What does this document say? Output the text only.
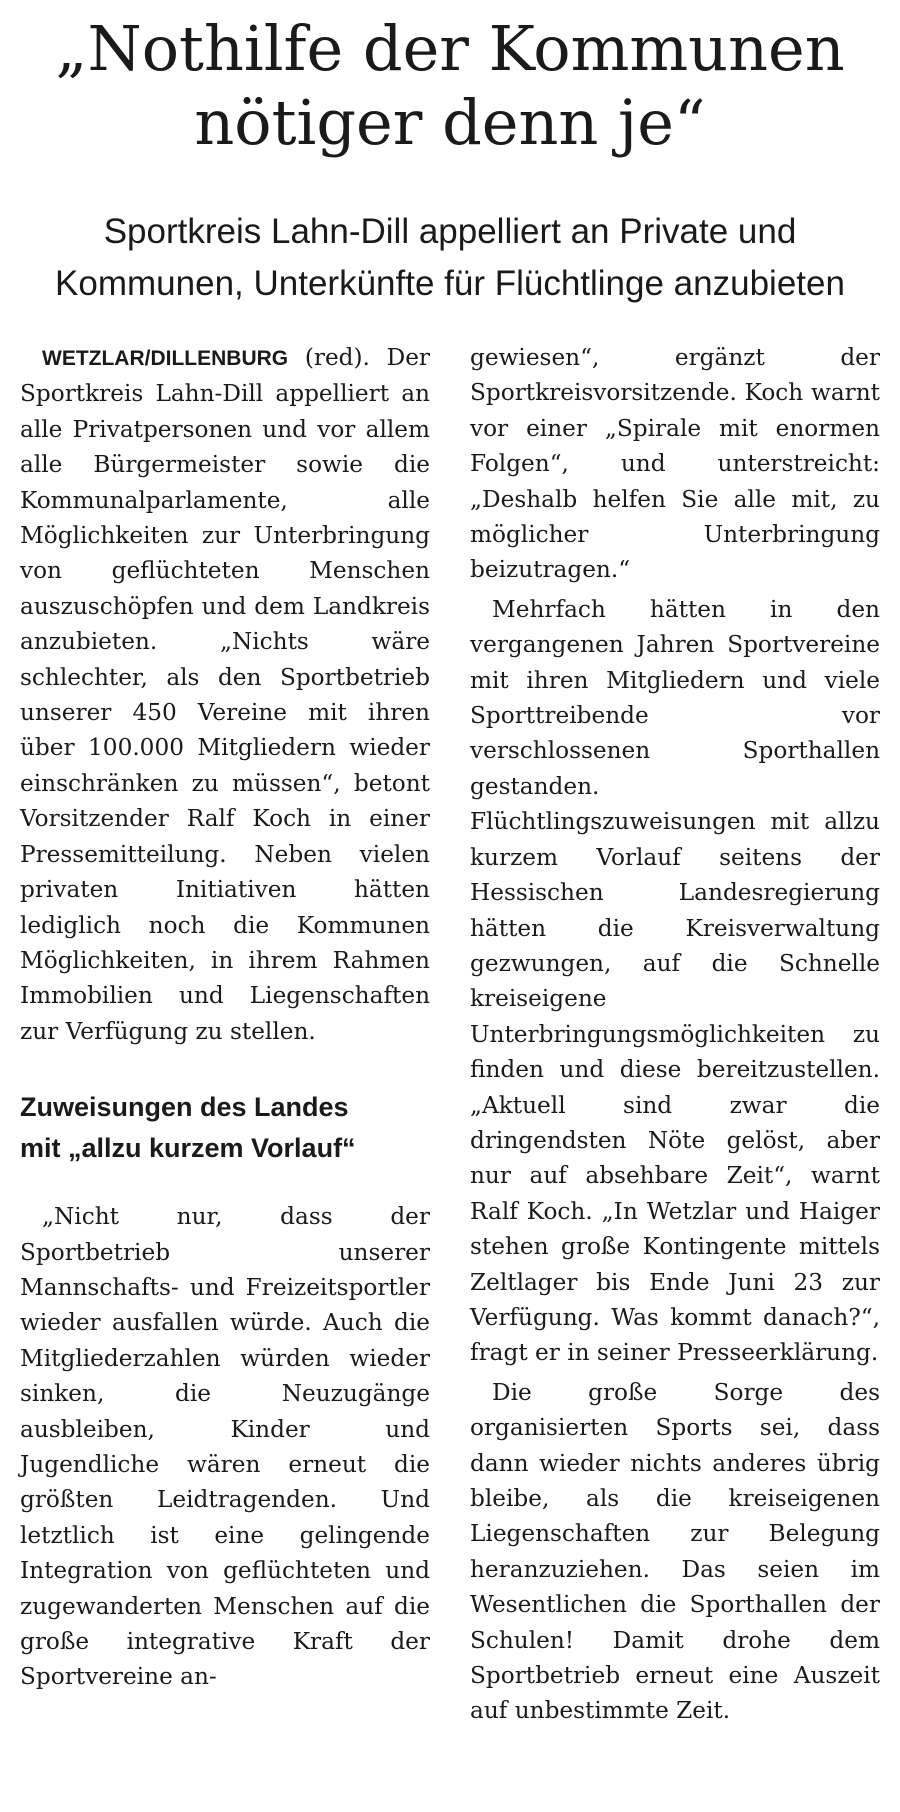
„Nothilfe der Kommunen
nötiger denn je“
Sportkreis Lahn-Dill appelliert an Private und
Kommunen, Unterkünfte für Flüchtlinge anzubieten

WETZLAR/DILLENBURG (red). Der Sportkreis Lahn-Dill appelliert an alle Privatpersonen und vor allem alle Bürgermeister sowie die Kommunalparlamente, alle Möglichkeiten zur Unterbringung von geflüchteten Menschen auszuschöpfen und dem Landkreis anzubieten. „Nichts wäre schlechter, als den Sportbetrieb unserer 450 Vereine mit ihren über 100.000 Mitgliedern wieder einschränken zu müssen“, betont Vorsitzender Ralf Koch in einer Pressemitteilung. Neben vielen privaten Initiativen hätten lediglich noch die Kommunen Möglichkeiten, in ihrem Rahmen Immobilien und Liegenschaften zur Verfügung zu stellen.

Zuweisungen des Landes
mit „allzu kurzem Vorlauf“

„Nicht nur, dass der Sportbetrieb unserer Mannschafts- und Freizeitsportler wieder ausfallen würde. Auch die Mitgliederzahlen würden wieder sinken, die Neuzugänge ausbleiben, Kinder und Jugendliche wären erneut die größten Leidtragenden. Und letztlich ist eine gelingende Integration von geflüchteten und zugewanderten Menschen auf die große integrative Kraft der Sportvereine an-

gewiesen“, ergänzt der Sportkreisvorsitzende. Koch warnt vor einer „Spirale mit enormen Folgen“, und unterstreicht: „Deshalb helfen Sie alle mit, zu möglicher Unterbringung beizutragen.“

Mehrfach hätten in den vergangenen Jahren Sportvereine mit ihren Mitgliedern und viele Sporttreibende vor verschlossenen Sporthallen gestanden. Flüchtlingszuweisungen mit allzu kurzem Vorlauf seitens der Hessischen Landesregierung hätten die Kreisverwaltung gezwungen, auf die Schnelle kreiseigene Unterbringungsmöglichkeiten zu finden und diese bereitzustellen. „Aktuell sind zwar die dringendsten Nöte gelöst, aber nur auf absehbare Zeit“, warnt Ralf Koch. „In Wetzlar und Haiger stehen große Kontingente mittels Zeltlager bis Ende Juni 23 zur Verfügung. Was kommt danach?“, fragt er in seiner Presseerklärung.

Die große Sorge des organisierten Sports sei, dass dann wieder nichts anderes übrig bleibe, als die kreiseigenen Liegenschaften zur Belegung heranzuziehen. Das seien im Wesentlichen die Sporthallen der Schulen! Damit drohe dem Sportbetrieb erneut eine Auszeit auf unbestimmte Zeit.
